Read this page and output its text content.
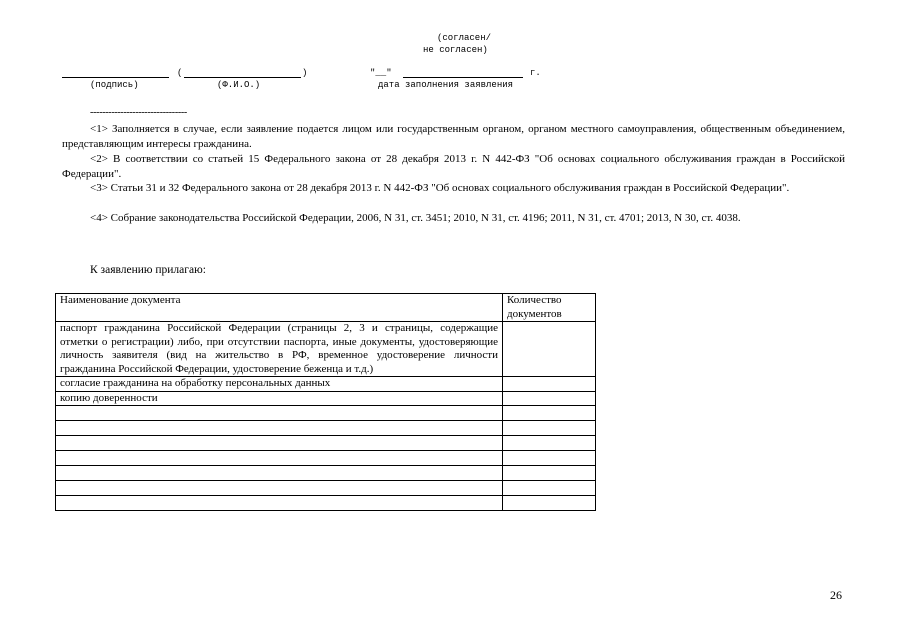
(согласен/
не согласен)
(	)	"__"	г.
(подпись)	(Ф.И.О.)	дата заполнения заявления
--------------------------------
<1> Заполняется в случае, если заявление подается лицом или государственным органом, органом местного самоуправления, общественным объединением, представляющим интересы гражданина.
<2> В соответствии со статьей 15 Федерального закона от 28 декабря 2013 г. N 442-ФЗ "Об основах социального обслуживания граждан в Российской Федерации".
<3> Статьи 31 и 32 Федерального закона от 28 декабря 2013 г. N 442-ФЗ "Об основах социального обслуживания граждан в Российской Федерации".
<4> Собрание законодательства Российской Федерации, 2006, N 31, ст. 3451; 2010, N 31, ст. 4196; 2011, N 31, ст. 4701; 2013, N 30, ст. 4038.
К заявлению прилагаю:
Наименование документа	Количество документов
паспорт гражданина Российской Федерации (страницы 2, 3 и страницы, содержащие отметки о регистрации) либо, при отсутствии паспорта, иные документы, удостоверяющие личность заявителя (вид на жительство в РФ, временное удостоверение личности гражданина Российской Федерации, удостоверение беженца и т.д.)	
согласие гражданина на обработку персональных данных	
копию доверенности	

26
